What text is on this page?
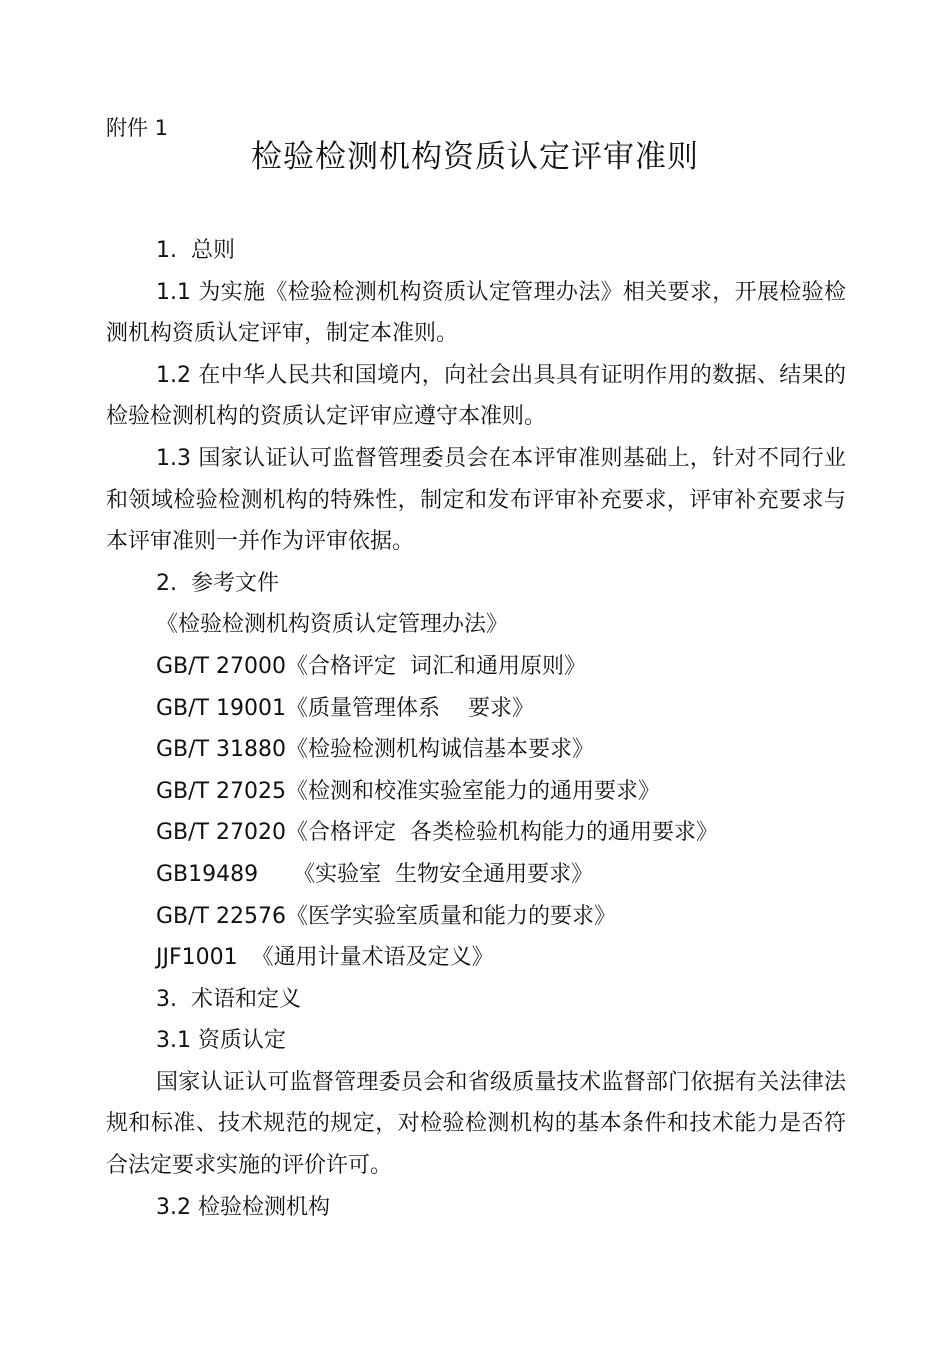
附件 1
检验检测机构资质认定评审准则

1.  总则

1.1 为实施《检验检测机构资质认定管理办法》相关要求，开展检验检测机构资质认定评审，制定本准则。

1.2 在中华人民共和国境内，向社会出具具有证明作用的数据、结果的检验检测机构的资质认定评审应遵守本准则。

1.3 国家认证认可监督管理委员会在本评审准则基础上，针对不同行业和领域检验检测机构的特殊性，制定和发布评审补充要求，评审补充要求与本评审准则一并作为评审依据。

2.  参考文件

《检验检测机构资质认定管理办法》

GB/T 27000《合格评定  词汇和通用原则》

GB/T 19001《质量管理体系    要求》

GB/T 31880《检验检测机构诚信基本要求》

GB/T 27025《检测和校准实验室能力的通用要求》

GB/T 27020《合格评定  各类检验机构能力的通用要求》

GB19489     《实验室  生物安全通用要求》

GB/T 22576《医学实验室质量和能力的要求》

JJF1001  《通用计量术语及定义》

3.  术语和定义

3.1 资质认定

国家认证认可监督管理委员会和省级质量技术监督部门依据有关法律法规和标准、技术规范的规定，对检验检测机构的基本条件和技术能力是否符合法定要求实施的评价许可。

3.2 检验检测机构
